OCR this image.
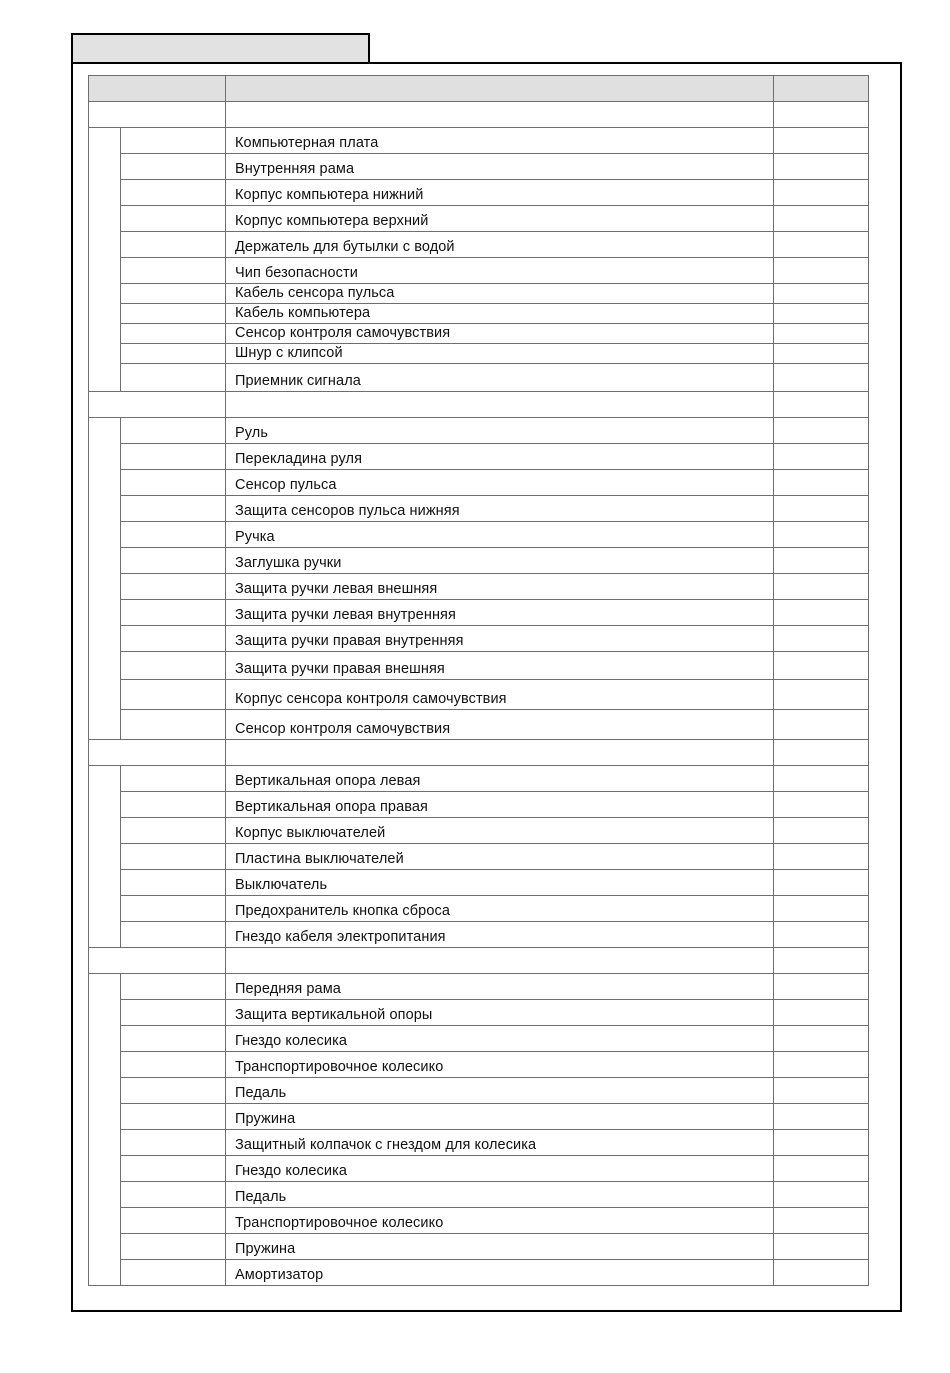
		Компьютерная плата	
		Внутренняя рама	
		Корпус компьютера нижний	
		Корпус компьютера верхний	
		Держатель для бутылки с водой	
		Чип безопасности	
		Кабель сенсора пульса	
		Кабель компьютера	
		Сенсор контроля самочувствия	
		Шнур с клипсой	
		Приемник сигнала	

		Руль	
		Перекладина руля	
		Сенсор пульса	
		Защита сенсоров пульса нижняя	
		Ручка	
		Заглушка ручки	
		Защита ручки левая внешняя	
		Защита ручки левая внутренняя	
		Защита ручки правая внутренняя	
		Защита ручки правая внешняя	
		Корпус сенсора контроля самочувствия	
		Сенсор контроля самочувствия	

		Вертикальная опора левая	
		Вертикальная опора правая	
		Корпус выключателей	
		Пластина выключателей	
		Выключатель	
		Предохранитель кнопка сброса	
		Гнездо кабеля электропитания	

		Передняя рама	
		Защита вертикальной опоры	
		Гнездо колесика	
		Транспортировочное колесико	
		Педаль	
		Пружина	
		Защитный колпачок с гнездом для колесика	
		Гнездо колесика	
		Педаль	
		Транспортировочное колесико	
		Пружина	
		Амортизатор	
